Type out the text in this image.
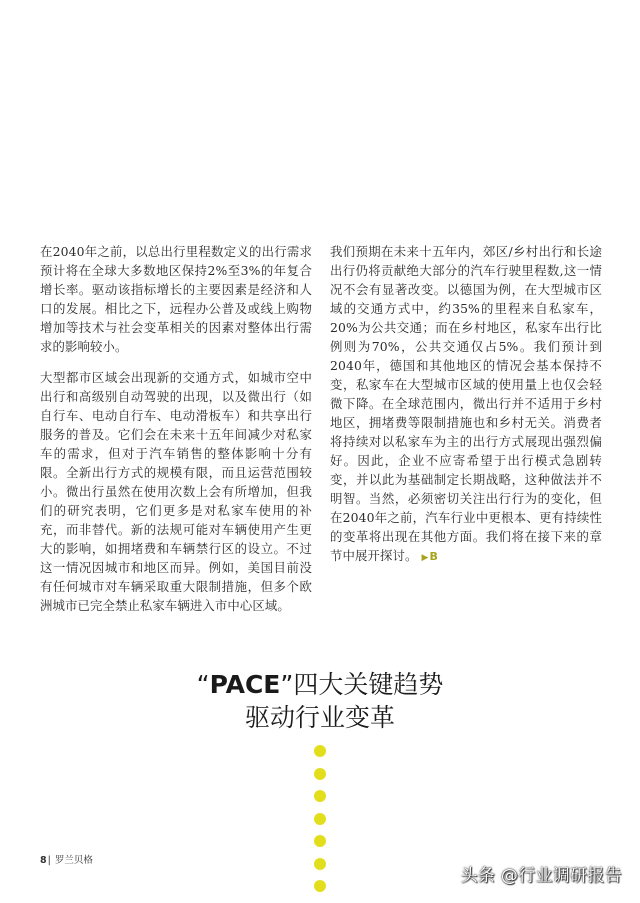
在2040年之前，以总出行里程数定义的出行需求预计将在全球大多数地区保持2%至3%的年复合增长率。驱动该指标增长的主要因素是经济和人口的发展。相比之下，远程办公普及或线上购物增加等技术与社会变革相关的因素对整体出行需求的影响较小。

大型都市区域会出现新的交通方式，如城市空中出行和高级别自动驾驶的出现，以及微出行（如自行车、电动自行车、电动滑板车）和共享出行服务的普及。它们会在未来十五年间减少对私家车的需求，但对于汽车销售的整体影响十分有限。全新出行方式的规模有限，而且运营范围较小。微出行虽然在使用次数上会有所增加，但我们的研究表明，它们更多是对私家车使用的补充，而非替代。新的法规可能对车辆使用产生更大的影响，如拥堵费和车辆禁行区的设立。不过这一情况因城市和地区而异。例如，美国目前没有任何城市对车辆采取重大限制措施，但多个欧洲城市已完全禁止私家车辆进入市中心区域。

我们预期在未来十五年内，郊区/乡村出行和长途出行仍将贡献绝大部分的汽车行驶里程数,这一情况不会有显著改变。以德国为例，在大型城市区域的交通方式中，约35%的里程来自私家车，20%为公共交通；而在乡村地区，私家车出行比例则为70%，公共交通仅占5%。我们预计到2040年，德国和其他地区的情况会基本保持不变，私家车在大型城市区域的使用量上也仅会轻微下降。在全球范围内，微出行并不适用于乡村地区，拥堵费等限制措施也和乡村无关。消费者将持续对以私家车为主的出行方式展现出强烈偏好。因此，企业不应寄希望于出行模式急剧转变，并以此为基础制定长期战略，这种做法并不明智。当然，必须密切关注出行行为的变化，但在2040年之前，汽车行业中更根本、更有持续性的变革将出现在其他方面。我们将在接下来的章节中展开探讨。 ▶B

“PACE”四大关键趋势
驱动行业变革
8| 罗兰贝格
头条 @行业调研报告
